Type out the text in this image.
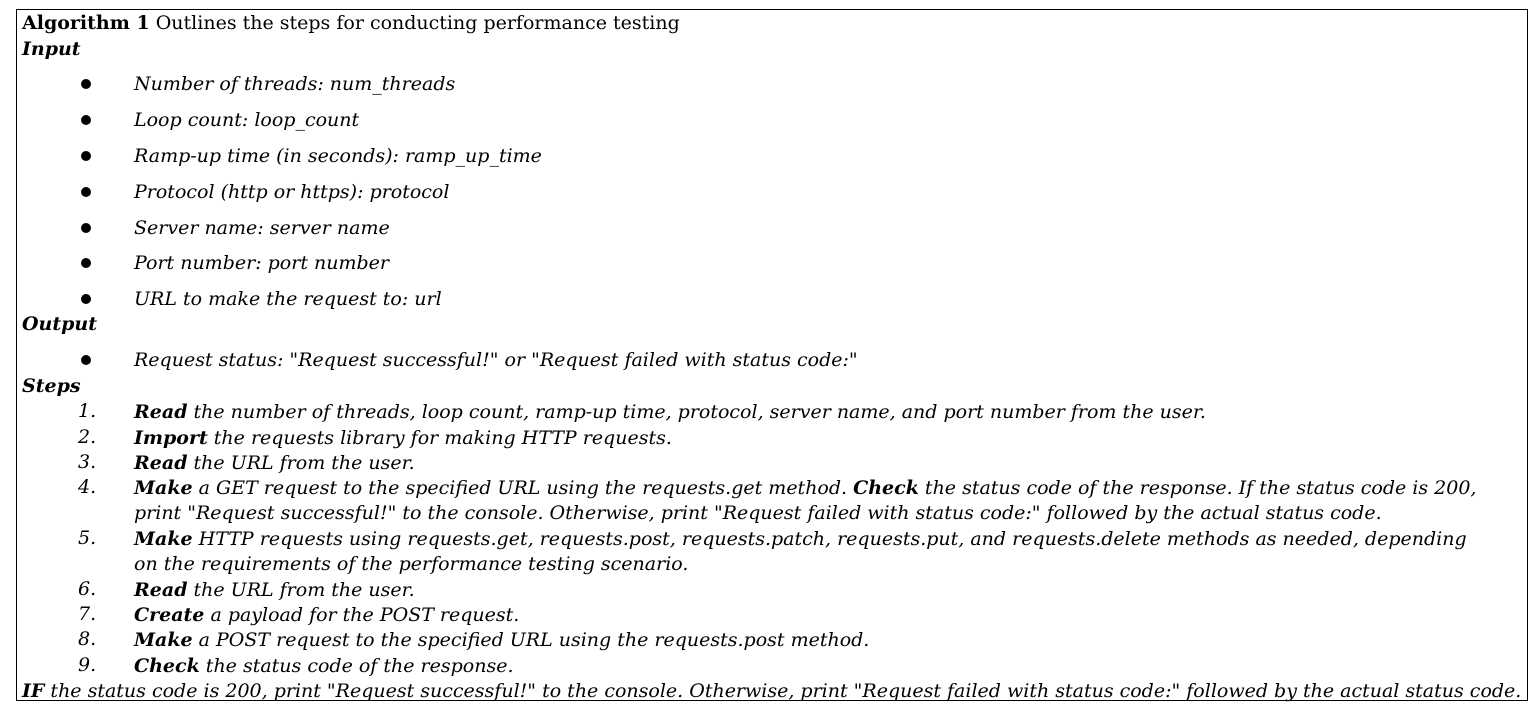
Algorithm 1 Outlines the steps for conducting performance testing
Input
Number of threads: num_threads
Loop count: loop_count
Ramp-up time (in seconds): ramp_up_time
Protocol (http or https): protocol
Server name: server name
Port number: port number
URL to make the request to: url
Output
Request status: "Request successful!" or "Request failed with status code:"
Steps
1. Read the number of threads, loop count, ramp-up time, protocol, server name, and port number from the user.
2. Import the requests library for making HTTP requests.
3. Read the URL from the user.
4. Make a GET request to the specified URL using the requests.get method. Check the status code of the response. If the status code is 200, print "Request successful!" to the console. Otherwise, print "Request failed with status code:" followed by the actual status code.
5. Make HTTP requests using requests.get, requests.post, requests.patch, requests.put, and requests.delete methods as needed, depending on the requirements of the performance testing scenario.
6. Read the URL from the user.
7. Create a payload for the POST request.
8. Make a POST request to the specified URL using the requests.post method.
9. Check the status code of the response.
IF the status code is 200, print "Request successful!" to the console. Otherwise, print "Request failed with status code:" followed by the actual status code.
